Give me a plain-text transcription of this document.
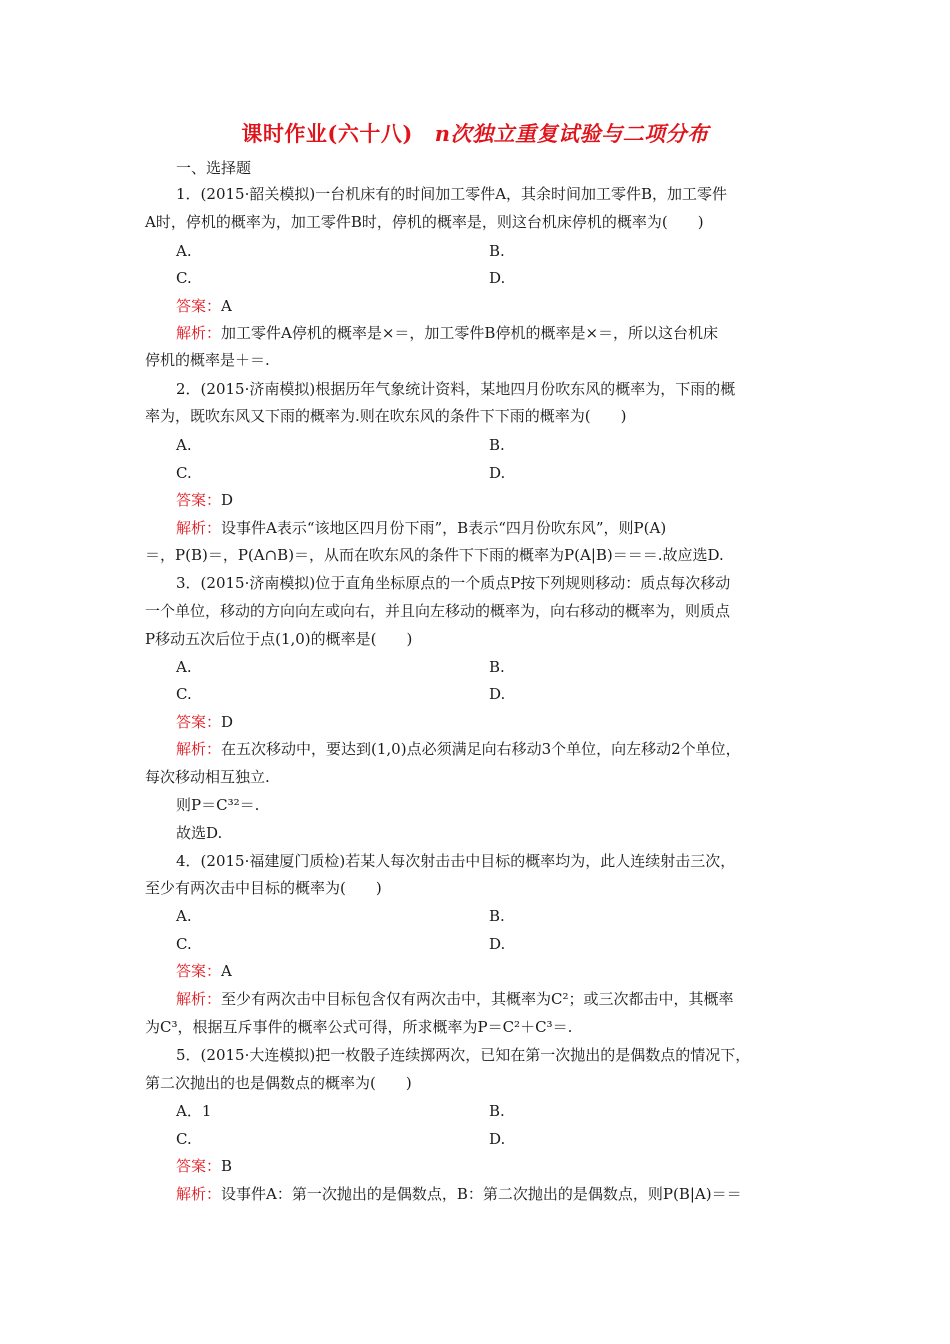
课时作业(六十八) n次独立重复试验与二项分布
一、选择题
1．(2015·韶关模拟)一台机床有的时间加工零件A，其余时间加工零件B，加工零件
A时，停机的概率为，加工零件B时，停机的概率是，则这台机床停机的概率为(　　)
A.	B.
C.	D.
答案：A
解析：加工零件A停机的概率是×＝，加工零件B停机的概率是×＝，所以这台机床
停机的概率是＋＝.
2．(2015·济南模拟)根据历年气象统计资料，某地四月份吹东风的概率为，下雨的概
率为，既吹东风又下雨的概率为.则在吹东风的条件下下雨的概率为(　　)
A.	B.
C.	D.
答案：D
解析：设事件A表示“该地区四月份下雨”，B表示“四月份吹东风”，则P(A)
＝，P(B)＝，P(A∩B)＝，从而在吹东风的条件下下雨的概率为P(A|B)＝＝＝.故应选D.
3．(2015·济南模拟)位于直角坐标原点的一个质点P按下列规则移动：质点每次移动
一个单位，移动的方向向左或向右，并且向左移动的概率为，向右移动的概率为，则质点
P移动五次后位于点(1,0)的概率是(　　)
A.	B.
C.	D.
答案：D
解析：在五次移动中，要达到(1,0)点必须满足向右移动3个单位，向左移动2个单位，
每次移动相互独立.
则P＝C³²＝.
故选D.
4．(2015·福建厦门质检)若某人每次射击击中目标的概率均为，此人连续射击三次，
至少有两次击中目标的概率为(　　)
A.	B.
C.	D.
答案：A
解析：至少有两次击中目标包含仅有两次击中，其概率为C²；或三次都击中，其概率
为C³，根据互斥事件的概率公式可得，所求概率为P＝C²＋C³＝.
5．(2015·大连模拟)把一枚骰子连续掷两次，已知在第一次抛出的是偶数点的情况下，
第二次抛出的也是偶数点的概率为(　　)
A．1	B.
C.	D.
答案：B
解析：设事件A：第一次抛出的是偶数点，B：第二次抛出的是偶数点，则P(B|A)＝＝
